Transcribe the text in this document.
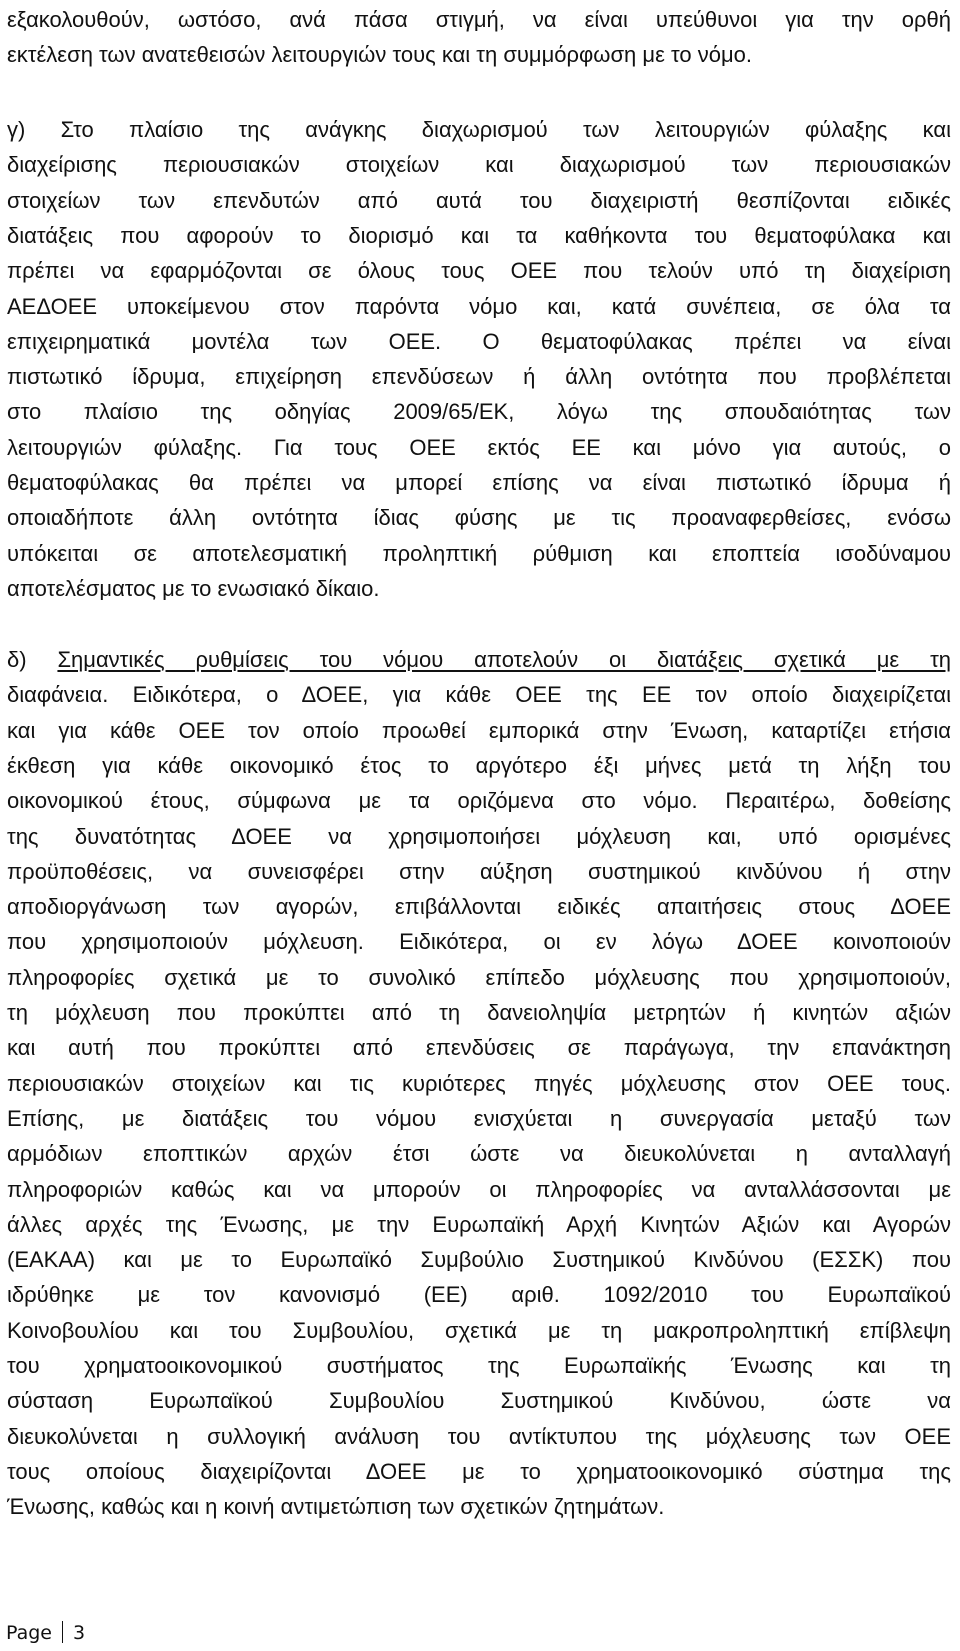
εξακολουθούν, ωστόσο, ανά πάσα στιγμή, να είναι υπεύθυνοι για την ορθή
εκτέλεση των ανατεθεισών λειτουργιών τους και τη συμμόρφωση με το νόμο.
γ) Στο πλαίσιο της ανάγκης διαχωρισμού των λειτουργιών φύλαξης και
διαχείρισης περιουσιακών στοιχείων και διαχωρισμού των περιουσιακών
στοιχείων των επενδυτών από αυτά του διαχειριστή θεσπίζονται ειδικές
διατάξεις που αφορούν το διορισμό και τα καθήκοντα του θεματοφύλακα και
πρέπει να εφαρμόζονται σε όλους τους ΟΕΕ που τελούν υπό τη διαχείριση
ΑΕΔΟΕΕ υποκείμενου στον παρόντα νόμο και, κατά συνέπεια, σε όλα τα
επιχειρηματικά μοντέλα των ΟΕΕ. Ο θεματοφύλακας πρέπει να είναι
πιστωτικό ίδρυμα, επιχείρηση επενδύσεων ή άλλη οντότητα που προβλέπεται
στο πλαίσιο της οδηγίας 2009/65/ΕΚ, λόγω της σπουδαιότητας των
λειτουργιών φύλαξης. Για τους ΟΕΕ εκτός ΕΕ και μόνο για αυτούς, ο
θεματοφύλακας θα πρέπει να μπορεί επίσης να είναι πιστωτικό ίδρυμα ή
οποιαδήποτε άλλη οντότητα ίδιας φύσης με τις προαναφερθείσες, ενόσω
υπόκειται σε αποτελεσματική προληπτική ρύθμιση και εποπτεία ισοδύναμου
αποτελέσματος με το ενωσιακό δίκαιο.
δ) Σημαντικές ρυθμίσεις του νόμου αποτελούν οι διατάξεις σχετικά με τη
διαφάνεια. Ειδικότερα, ο ΔΟΕΕ, για κάθε ΟΕΕ της ΕΕ τον οποίο διαχειρίζεται
και για κάθε ΟΕΕ τον οποίο προωθεί εμπορικά στην Ένωση, καταρτίζει ετήσια
έκθεση για κάθε οικονομικό έτος το αργότερο έξι μήνες μετά τη λήξη του
οικονομικού έτους, σύμφωνα με τα οριζόμενα στο νόμο. Περαιτέρω, δοθείσης
της δυνατότητας ΔΟΕΕ να χρησιμοποιήσει μόχλευση και, υπό ορισμένες
προϋποθέσεις, να συνεισφέρει στην αύξηση συστημικού κινδύνου ή στην
αποδιοργάνωση των αγορών, επιβάλλονται ειδικές απαιτήσεις στους ΔΟΕΕ
που χρησιμοποιούν μόχλευση. Ειδικότερα, οι εν λόγω ΔΟΕΕ κοινοποιούν
πληροφορίες σχετικά με το συνολικό επίπεδο μόχλευσης που χρησιμοποιούν,
τη μόχλευση που προκύπτει από τη δανειοληψία μετρητών ή κινητών αξιών
και αυτή που προκύπτει από επενδύσεις σε παράγωγα, την επανάκτηση
περιουσιακών στοιχείων και τις κυριότερες πηγές μόχλευσης στον ΟΕΕ τους.
Επίσης, με διατάξεις του νόμου ενισχύεται η συνεργασία μεταξύ των
αρμόδιων εποπτικών αρχών έτσι ώστε να διευκολύνεται η ανταλλαγή
πληροφοριών καθώς και να μπορούν οι πληροφορίες να ανταλλάσσονται με
άλλες αρχές της Ένωσης, με την Ευρωπαϊκή Αρχή Κινητών Αξιών και Αγορών
(ΕΑΚΑΑ) και με το Ευρωπαϊκό Συμβούλιο Συστημικού Κινδύνου (ΕΣΣΚ) που
ιδρύθηκε με τον κανονισμό (ΕΕ) αριθ. 1092/2010 του Ευρωπαϊκού
Κοινοβουλίου και του Συμβουλίου, σχετικά με τη μακροπροληπτική επίβλεψη
του χρηματοοικονομικού συστήματος της Ευρωπαϊκής Ένωσης και τη
σύσταση Ευρωπαϊκού Συμβουλίου Συστημικού Κινδύνου, ώστε να
διευκολύνεται η συλλογική ανάλυση του αντίκτυπου της μόχλευσης των ΟΕΕ
τους οποίους διαχειρίζονται ΔΟΕΕ με το χρηματοοικονομικό σύστημα της
Ένωσης, καθώς και η κοινή αντιμετώπιση των σχετικών ζητημάτων.
Page 3
